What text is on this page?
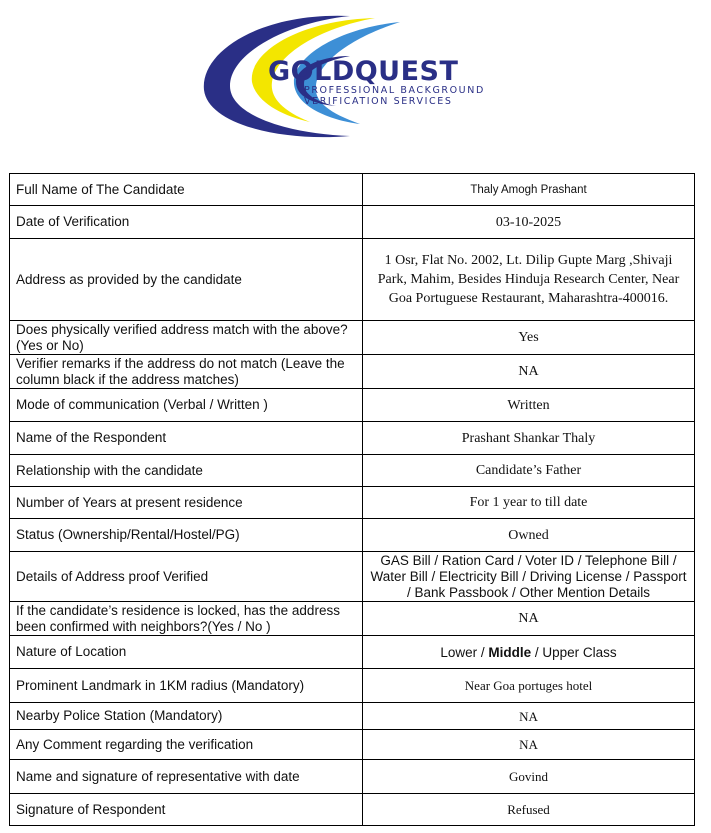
GOLDQUEST
PROFESSIONAL BACKGROUND
VERIFICATION SERVICES
Full Name of The Candidate	Thaly Amogh Prashant
Date of Verification	03-10-2025
Address as provided by the candidate	1 Osr, Flat No. 2002, Lt. Dilip Gupte Marg ,Shivaji Park, Mahim, Besides Hinduja Research Center, Near Goa Portuguese Restaurant, Maharashtra-400016.
Does physically verified address match with the above? (Yes or No)	Yes
Verifier remarks if the address do not match (Leave the column black if the address matches)	NA
Mode of communication (Verbal / Written )	Written
Name of the Respondent	Prashant Shankar Thaly
Relationship with the candidate	Candidate’s Father
Number of Years at present residence	For 1 year to till date
Status (Ownership/Rental/Hostel/PG)	Owned
Details of Address proof Verified	GAS Bill / Ration Card / Voter ID / Telephone Bill / Water Bill / Electricity Bill / Driving License / Passport / Bank Passbook / Other Mention Details
If the candidate’s residence is locked, has the address been confirmed with neighbors?(Yes / No )	NA
Nature of Location	Lower / Middle / Upper Class
Prominent Landmark in 1KM radius (Mandatory)	Near Goa portuges hotel
Nearby Police Station (Mandatory)	NA
Any Comment regarding the verification	NA
Name and signature of representative with date	Govind
Signature of Respondent	Refused
